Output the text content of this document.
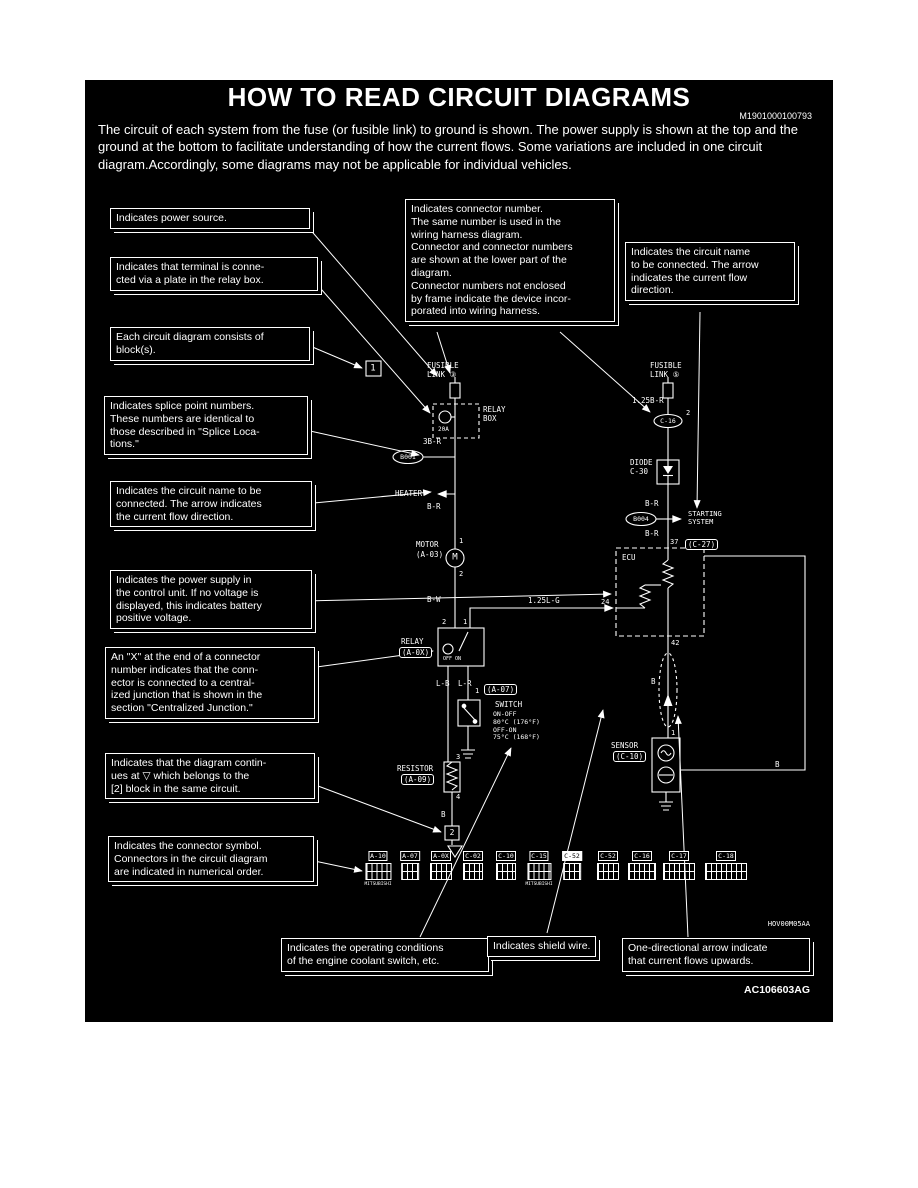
HOW TO READ CIRCUIT DIAGRAMS
M1901000100793

The circuit of each system from the fuse (or fusible link) to ground is shown. The power supply is shown at the top and the ground at the bottom to facilitate understanding of how the current flows. Some variations are included in one circuit diagram.Accordingly, some diagrams may not be applicable for individual vehicles.

Indicates power source.
Indicates that terminal is conne-
cted via a plate in the relay box.
Each circuit diagram consists of
block(s).
Indicates splice point numbers.
These numbers are identical to
those described in "Splice Loca-
tions."
Indicates the circuit name to be
connected. The arrow indicates
the current flow direction.
Indicates the power supply in
the control unit. If no voltage is
displayed, this indicates battery
positive voltage.
An "X" at the end of a connector
number indicates that the conn-
ector is connected to a central-
ized junction that is shown in the
section "Centralized Junction."
Indicates that the diagram contin-
ues at ▽ which belongs to the
[2] block in the same circuit.
Indicates the connector symbol.
Connectors in the circuit diagram
are indicated in numerical order.
Indicates connector number.
The same number is used in the
wiring harness diagram.
Connector and connector numbers
are shown at the lower part of the
diagram.
Connector numbers not enclosed
by frame indicate the device incor-
porated into wiring harness.
Indicates the circuit name
to be connected. The arrow
indicates the current flow
direction.
Indicates the operating conditions
of the engine coolant switch, etc.
Indicates shield wire.	One-directional arrow indicate
that current flows upwards.
1	FUSIBLE
LINK ③
RELAY
BOX
20A
3B-R
B001
HEATER
B-R
MOTOR
(A-03)
1
M
2
B-W	1.25L-G	24
RELAY
(A-0X)
2 1
OFF ON
L-B L-R
1	(A-07)
SWITCH
ON-OFF
80°C (176°F)
OFF-ON
75°C (168°F)
RESISTOR
(A-09)
3
4
B
2
FUSIBLE
LINK ⑤
1.25B-R
2
C-16
DIODE
C-30
B-R
B004
STARTING
SYSTEM
B-R
37	(C-27)
ECU
42
B
SENSOR
(C-10)
1
B
A-10
MITSUBISHI
A-07	A-0X	C-02	C-10	C-15
MITSUBISHI
C-52	C-52	C-16	C-17	C-18
HOV00M05AA
AC106603AG
